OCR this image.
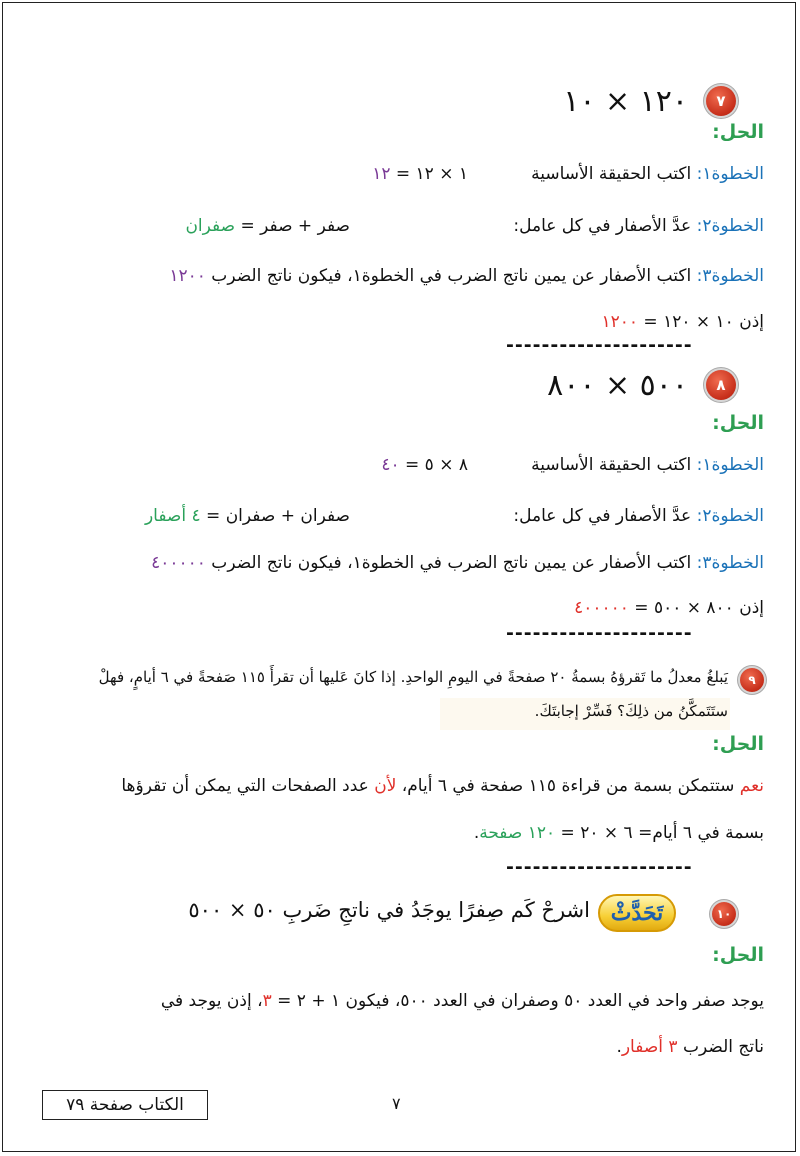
٧
١٢٠ × ١٠
الحل:
الخطوة١: اكتب الحقيقة الأساسية
١ × ١٢ = ١٢
الخطوة٢: عدَّ الأصفار في كل عامل:
صفر + صفر = صفران
الخطوة٣: اكتب الأصفار عن يمين ناتج الضرب في الخطوة١، فيكون ناتج الضرب ١٢٠٠
إذن ١٠ × ١٢٠ = ١٢٠٠
---------------------
٨
٥٠٠ × ٨٠٠
الحل:
الخطوة١: اكتب الحقيقة الأساسية
٨ × ٥ = ٤٠
الخطوة٢: عدَّ الأصفار في كل عامل:
صفران + صفران = ٤ أصفار
الخطوة٣: اكتب الأصفار عن يمين ناتج الضرب في الخطوة١، فيكون ناتج الضرب ٤٠٠٠٠٠
إذن ٨٠٠ × ٥٠٠ = ٤٠٠٠٠٠
---------------------
٩
يَبلغُ معدلُ ما تَقرؤهُ بسمةُ ٢٠ صفحةً في اليومِ الواحدِ. إذا كانَ عَليها أن تقرأَ ١١٥ صَفحةً في ٦ أيامٍ، فهلْ
ستَتَمكَّنُ من ذلِكَ؟ فَسِّرْ إجابتَكَ.
الحل:
نعم ستتمكن بسمة من قراءة ١١٥ صفحة في ٦ أيام، لأن عدد الصفحات التي يمكن أن تقرؤها
بسمة في ٦ أيام= ٦ × ٢٠ = ١٢٠ صفحة.
---------------------
١٠
تَحَدَّثْ
اشرحْ كَم صِفرًا يوجَدُ في ناتجِ ضَربِ ٥٠ × ٥٠٠
الحل:
يوجد صفر واحد في العدد ٥٠ وصفران في العدد ٥٠٠، فيكون ١ + ٢ = ٣، إذن يوجد في
ناتج الضرب ٣ أصفار.
الكتاب صفحة ٧٩	٧
